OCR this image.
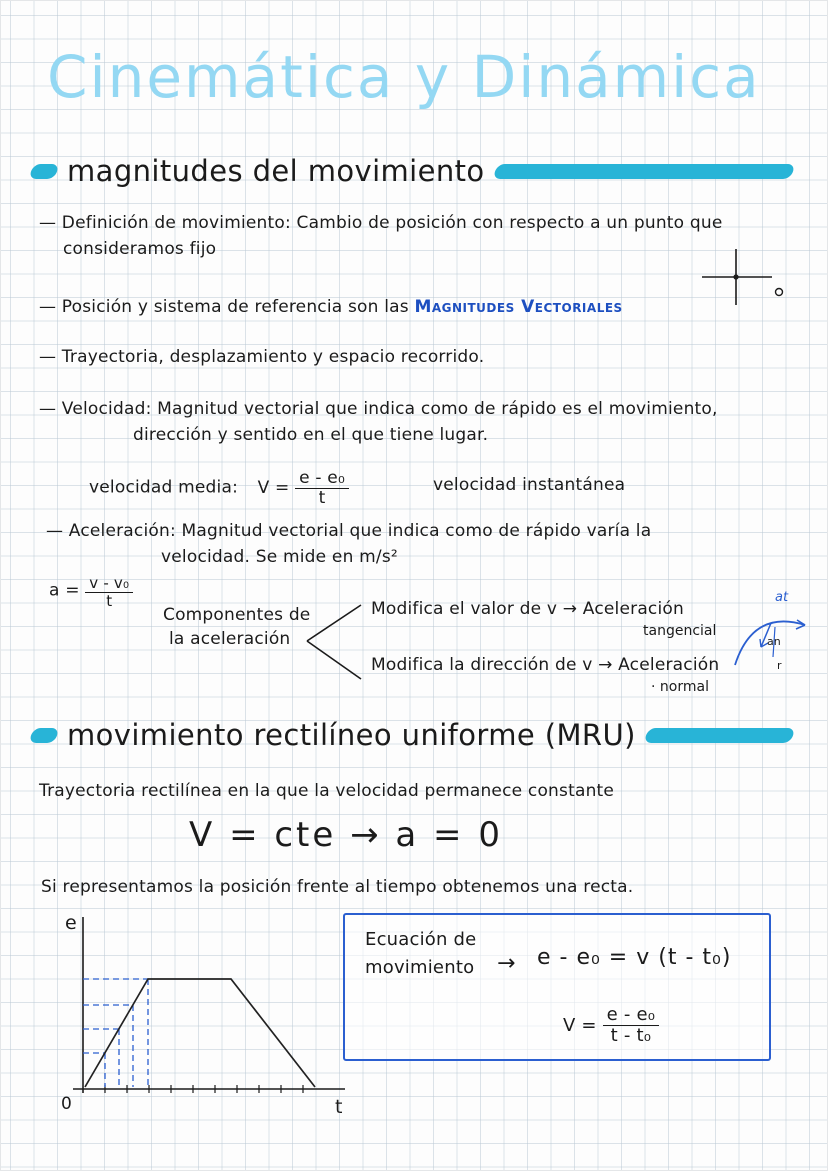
Cinemática y Dinámica
magnitudes del movimiento
— Definición de movimiento: Cambio de posición con respecto a un punto que
consideramos fijo
— Posición y sistema de referencia son las Magnitudes Vectoriales
— Trayectoria, desplazamiento y espacio recorrido.
— Velocidad: Magnitud vectorial que indica como de rápido es el movimiento,
dirección y sentido en el que tiene lugar.
velocidad media: $V = \frac{\text{e - e₀}}{t}$	velocidad instantánea
— Aceleración: Magnitud vectorial que indica como de rápido varía la
velocidad. Se mide en m/s²
$a = \frac{\text{v - v₀}}{t}$
Componentes de
la aceleración
Modifica el valor de v → Aceleración
tangencial
Modifica la dirección de v → Aceleración
· normal
at
an
r
movimiento rectilíneo uniforme (MRU)
Trayectoria rectilínea en la que la velocidad permanece constante
V = cte → a = 0
Si representamos la posición frente al tiempo obtenemos una recta.
e
0	t
Ecuación de
movimiento → e - e₀ = v (t - t₀)
$V = \frac{\text{e - e₀}}{\text{t - t₀}}$
